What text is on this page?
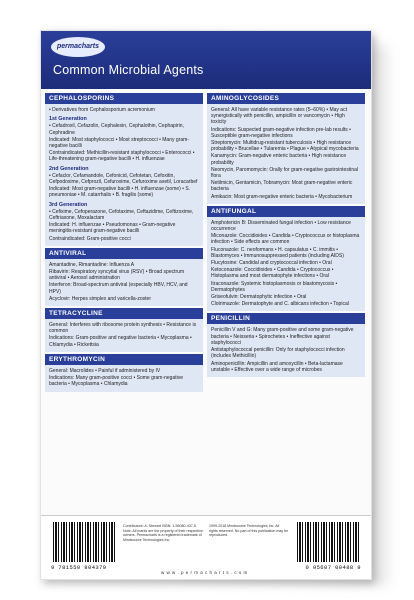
permacharts
Common Microbial Agents
CEPHALOSPORINS
• Derivatives from Cephalosporium acremonium
1st Generation
• Cefadroxil, Cefazolin, Cephalexin, Cephalothin, Cephapirin, Cephradine
Indicated: Most staphylococci • Most streptococci • Many gram-negative bacilli
Contraindicated: Methicillin-resistant staphylococci • Enterococci • Life-threatening gram-negative bacilli • H. influenzae
2nd Generation
• Cefaclor, Cefamandole, Cefonicid, Cefotetan, Cefoxitin, Cefpodoxime, Cefprozil, Cefuroxime, Cefuroxime axetil, Loracarbef
Indicated: Most gram-negative bacilli • H. influenzae (some) • S. pneumoniae • M. catarrhalis • B. fragilis (some)
3rd Generation
• Cefixime, Cefoperazone, Cefotaxime, Ceftazidime, Ceftizoxime, Ceftriaxone, Moxalactam
Indicated: H. influenzae • Pseudomonas • Gram-negative meningitis-resistant gram-negative bacilli
Contraindicated: Gram-positive cocci
ANTIVIRAL
Amantadine, Rimantadine: Influenza A
Ribavirin: Respiratory syncytial virus (RSV) • Broad spectrum antiviral • Aerosol administration
Interferon: Broad-spectrum antiviral (especially HBV, HCV, and HPV)
Acyclovir: Herpes simplex and varicella-zoster
TETRACYCLINE
General: Interferes with ribosome protein synthesis • Resistance is common
Indications: Gram-positive and negative bacteria • Mycoplasma • Chlamydia • Rickettsia
ERYTHROMYCIN
General: Macrolides • Painful if administered by IV
Indications: Many gram-positive cocci • Some gram-negative bacteria • Mycoplasma • Chlamydia
AMINOGLYCOSIDES
General: All have variable resistance rates (5–60%) • May act synergistically with penicillin, ampicillin or vancomycin • High toxicity
Indications: Suspected gram-negative infection pre-lab results • Susceptible gram-negative infections
Streptomycin: Multidrug-resistant tuberculosis • High resistance probability • Brucellae • Tularemia • Plague • Atypical mycobacteria
Kanamycin: Gram-negative enteric bacteria • High resistance probability
Neomycin, Paromomycin: Orally for gram-negative gastrointestinal flora
Netilmicin, Gentamicin, Tobramycin: Most gram-negative enteric bacteria
Amikacin: Most gram-negative enteric bacteria • Mycobacterium
ANTIFUNGAL
Amphotericin B: Disseminated fungal infection • Low resistance occurrence
Miconazole: Coccidioides • Candida • Cryptococcus or histoplasma infection • Side effects are common
Fluconazole: C. neoformans • H. capsulatus • C. immitis • Blastomyces • Immunosuppressed patients (including AIDS)
Flucytosine: Candidal and cryptococcal infection • Oral
Ketoconazole: Coccidioides • Candida • Cryptococcus • Histoplasma and most dermatophyte infections • Oral
Itraconazole: Systemic histoplasmosis or blastomycosis • Dermatophytes
Griseofulvin: Dermatophytic infection • Oral
Clotrimazole: Dermatophyte and C. albicans infection • Topical
PENICILLIN
Penicillin V and G: Many gram-positive and some gram-negative bacteria • Neisseria • Spirochetes • Ineffective against staphylococci
Antistaphylococcal penicillin: Only for staphylococci infection (includes Methicillin)
Aminopenicillin: Ampicillin and amoxycillin • Beta-lactamase unstable • Effective over a wide range of microbes
9 781550 804379
Contributors: A. Stewart ISBN: 1-55080-437-5 Note: All marks are the property of their respective owners. Permacharts is a registered trademark of Mindsource Technologies Inc.
1999-2018 Mindsource Technologies Inc. All rights reserved. No part of this publication may be reproduced.
w w w . p e r m a c h a r t s . c o m
0 95607 00488 9
